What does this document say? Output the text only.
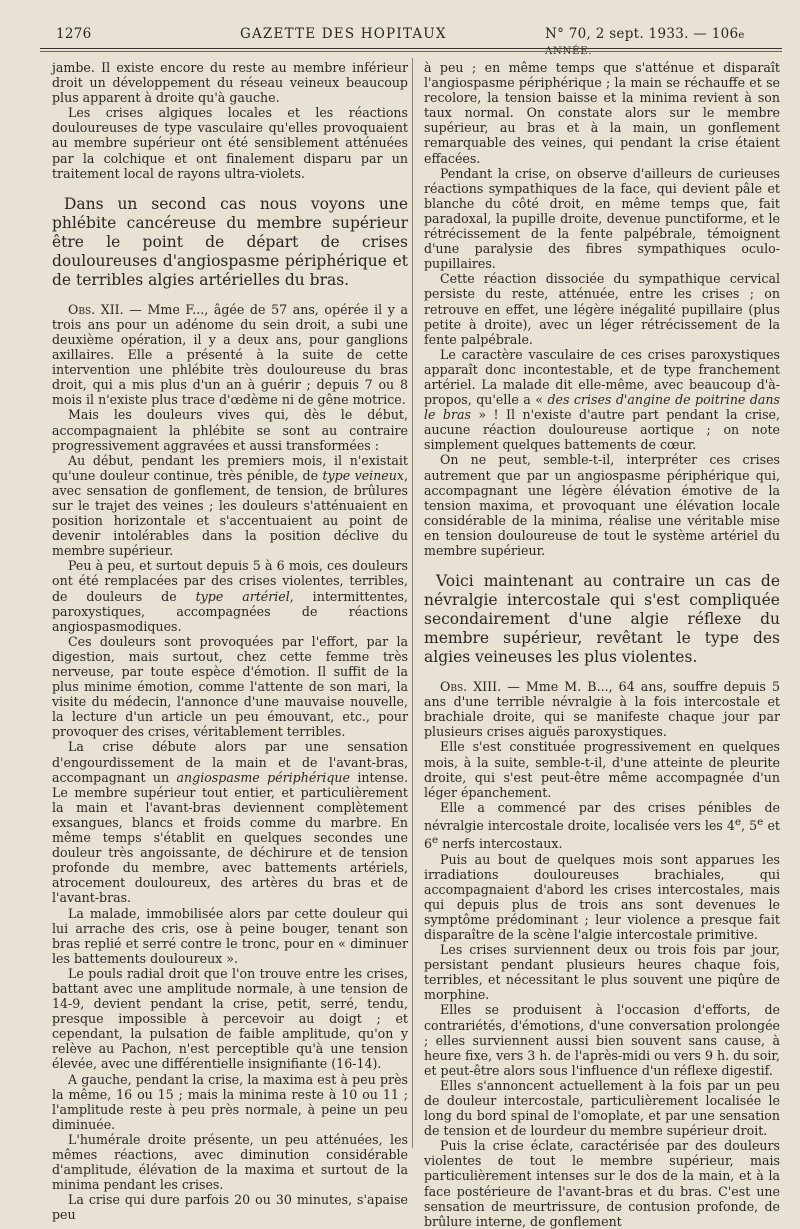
1276	GAZETTE DES HOPITAUX	N° 70, 2 sept. 1933. — 106e

jambe. Il existe encore du reste au membre inférieur droit un développement du réseau veineux beaucoup plus apparent à droite qu'à gauche.

Les crises algiques locales et les réactions douloureuses de type vasculaire qu'elles provoquaient au membre supérieur ont été sensiblement atténuées par la colchique et ont finalement disparu par un traitement local de rayons ultra-violets.

Dans un second cas nous voyons une phlébite cancéreuse du membre supérieur être le point de départ de crises douloureuses d'angiospasme périphérique et de terribles algies artérielles du bras.

Obs. XII. — Mme F..., âgée de 57 ans, opérée il y a trois ans pour un adénome du sein droit, a subi une deuxième opération, il y a deux ans, pour ganglions axillaires. Elle a présenté à la suite de cette intervention une phlébite très douloureuse du bras droit, qui a mis plus d'un an à guérir ; depuis 7 ou 8 mois il n'existe plus trace d'œdème ni de gêne motrice.

Mais les douleurs vives qui, dès le début, accompagnaient la phlébite se sont au contraire progressivement aggravées et aussi transformées :

Au début, pendant les premiers mois, il n'existait qu'une douleur continue, très pénible, de type veineux, avec sensation de gonflement, de tension, de brûlures sur le trajet des veines ; les douleurs s'atténuaient en position horizontale et s'accentuaient au point de devenir intolérables dans la position déclive du membre supérieur.

Peu à peu, et surtout depuis 5 à 6 mois, ces douleurs ont été remplacées par des crises violentes, terribles, de douleurs de type artériel, intermittentes, paroxystiques, accompagnées de réactions angiospasmodiques.

Ces douleurs sont provoquées par l'effort, par la digestion, mais surtout, chez cette femme très nerveuse, par toute espèce d'émotion. Il suffit de la plus minime émotion, comme l'attente de son mari, la visite du médecin, l'annonce d'une mauvaise nouvelle, la lecture d'un article un peu émouvant, etc., pour provoquer des crises, véritablement terribles.

La crise débute alors par une sensation d'engourdissement de la main et de l'avant-bras, accompagnant un angiospasme périphérique intense. Le membre supérieur tout entier, et particulièrement la main et l'avant-bras deviennent complètement exsangues, blancs et froids comme du marbre. En même temps s'établit en quelques secondes une douleur très angoissante, de déchirure et de tension profonde du membre, avec battements artériels, atrocement douloureux, des artères du bras et de l'avant-bras.

La malade, immobilisée alors par cette douleur qui lui arrache des cris, ose à peine bouger, tenant son bras replié et serré contre le tronc, pour en « diminuer les battements douloureux ».

Le pouls radial droit que l'on trouve entre les crises, battant avec une amplitude normale, à une tension de 14-9, devient pendant la crise, petit, serré, tendu, presque impossible à percevoir au doigt ; et cependant, la pulsation de faible amplitude, qu'on y relève au Pachon, n'est perceptible qu'à une tension élevée, avec une différentielle insignifiante (16-14).

A gauche, pendant la crise, la maxima est à peu près la même, 16 ou 15 ; mais la minima reste à 10 ou 11 ; l'amplitude reste à peu près normale, à peine un peu diminuée.

L'humérale droite présente, un peu atténuées, les mêmes réactions, avec diminution considérable d'amplitude, élévation de la maxima et surtout de la minima pendant les crises.

La crise qui dure parfois 20 ou 30 minutes, s'apaise peu

à peu ; en même temps que s'atténue et disparaît l'angiospasme périphérique ; la main se réchauffe et se recolore, la tension baisse et la minima revient à son taux normal. On constate alors sur le membre supérieur, au bras et à la main, un gonflement remarquable des veines, qui pendant la crise étaient effacées.

Pendant la crise, on observe d'ailleurs de curieuses réactions sympathiques de la face, qui devient pâle et blanche du côté droit, en même temps que, fait paradoxal, la pupille droite, devenue punctiforme, et le rétrécissement de la fente palpébrale, témoignent d'une paralysie des fibres sympathiques oculo-pupillaires.

Cette réaction dissociée du sympathique cervical persiste du reste, atténuée, entre les crises ; on retrouve en effet, une légère inégalité pupillaire (plus petite à droite), avec un léger rétrécissement de la fente palpébrale.

Le caractère vasculaire de ces crises paroxystiques apparaît donc incontestable, et de type franchement artériel. La malade dit elle-même, avec beaucoup d'à-propos, qu'elle a « des crises d'angine de poitrine dans le bras » ! Il n'existe d'autre part pendant la crise, aucune réaction douloureuse aortique ; on note simplement quelques battements de cœur.

On ne peut, semble-t-il, interpréter ces crises autrement que par un angiospasme périphérique qui, accompagnant une légère élévation émotive de la tension maxima, et provoquant une élévation locale considérable de la minima, réalise une véritable mise en tension douloureuse de tout le système artériel du membre supérieur.

Voici maintenant au contraire un cas de névralgie intercostale qui s'est compliquée secondairement d'une algie réflexe du membre supérieur, revêtant le type des algies veineuses les plus violentes.

Obs. XIII. — Mme M. B..., 64 ans, souffre depuis 5 ans d'une terrible névralgie à la fois intercostale et brachiale droite, qui se manifeste chaque jour par plusieurs crises aiguës paroxystiques.

Elle s'est constituée progressivement en quelques mois, à la suite, semble-t-il, d'une atteinte de pleurite droite, qui s'est peut-être même accompagnée d'un léger épanchement.

Elle a commencé par des crises pénibles de névralgie intercostale droite, localisée vers les 4e, 5e et 6e nerfs intercostaux.

Puis au bout de quelques mois sont apparues les irradiations douloureuses brachiales, qui accompagnaient d'abord les crises intercostales, mais qui depuis plus de trois ans sont devenues le symptôme prédominant ; leur violence a presque fait disparaître de la scène l'algie intercostale primitive.

Les crises surviennent deux ou trois fois par jour, persistant pendant plusieurs heures chaque fois, terribles, et nécessitant le plus souvent une piqûre de morphine.

Elles se produisent à l'occasion d'efforts, de contrariétés, d'émotions, d'une conversation prolongée ; elles surviennent aussi bien souvent sans cause, à heure fixe, vers 3 h. de l'après-midi ou vers 9 h. du soir, et peut-être alors sous l'influence d'un réflexe digestif.

Elles s'annoncent actuellement à la fois par un peu de douleur intercostale, particulièrement localisée le long du bord spinal de l'omoplate, et par une sensation de tension et de lourdeur du membre supérieur droit.

Puis la crise éclate, caractérisée par des douleurs violentes de tout le membre supérieur, mais particulièrement intenses sur le dos de la main, et à la face postérieure de l'avant-bras et du bras. C'est une sensation de meurtrissure, de contusion profonde, de brûlure interne, de gonflement
